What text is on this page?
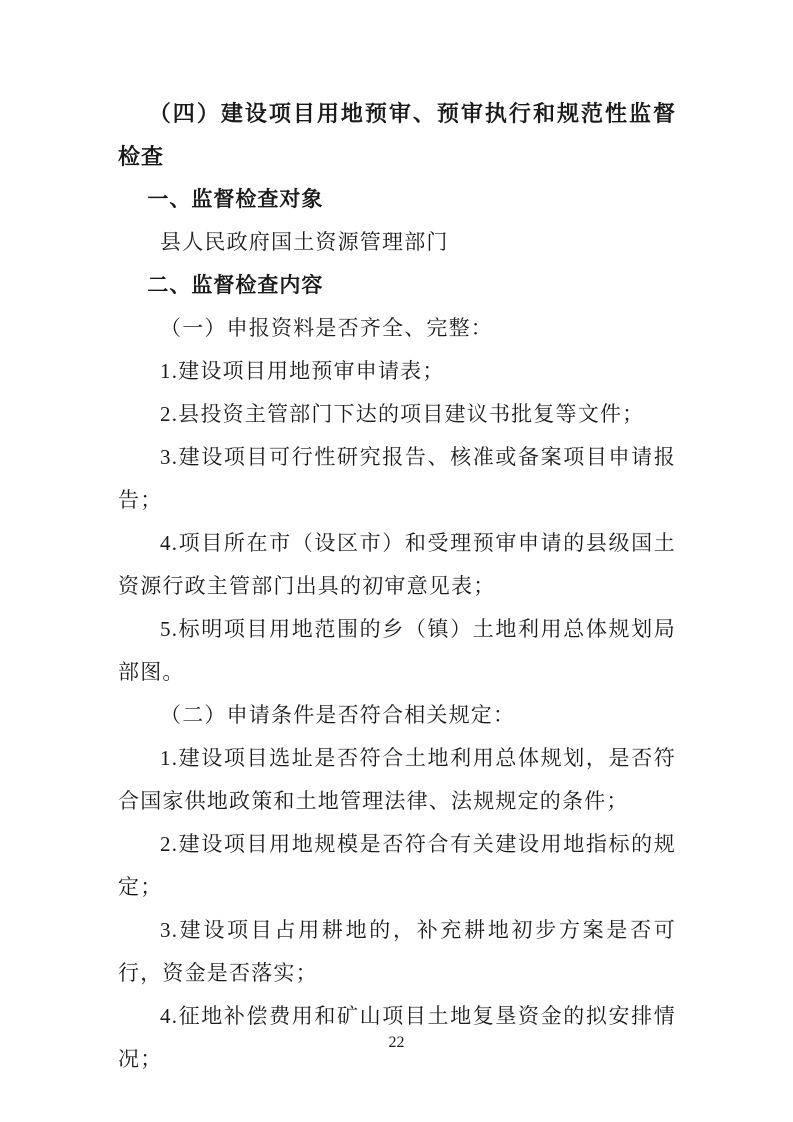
（四）建设项目用地预审、预审执行和规范性监督检查

一、监督检查对象

县人民政府国土资源管理部门

二、监督检查内容

（一）申报资料是否齐全、完整：

1.建设项目用地预审申请表；

2.县投资主管部门下达的项目建议书批复等文件；

3.建设项目可行性研究报告、核准或备案项目申请报告；

4.项目所在市（设区市）和受理预审申请的县级国土资源行政主管部门出具的初审意见表；

5.标明项目用地范围的乡（镇）土地利用总体规划局部图。

（二）申请条件是否符合相关规定：

1.建设项目选址是否符合土地利用总体规划，是否符合国家供地政策和土地管理法律、法规规定的条件；

2.建设项目用地规模是否符合有关建设用地指标的规定；

3.建设项目占用耕地的，补充耕地初步方案是否可行，资金是否落实；

4.征地补偿费用和矿山项目土地复垦资金的拟安排情况；

22
